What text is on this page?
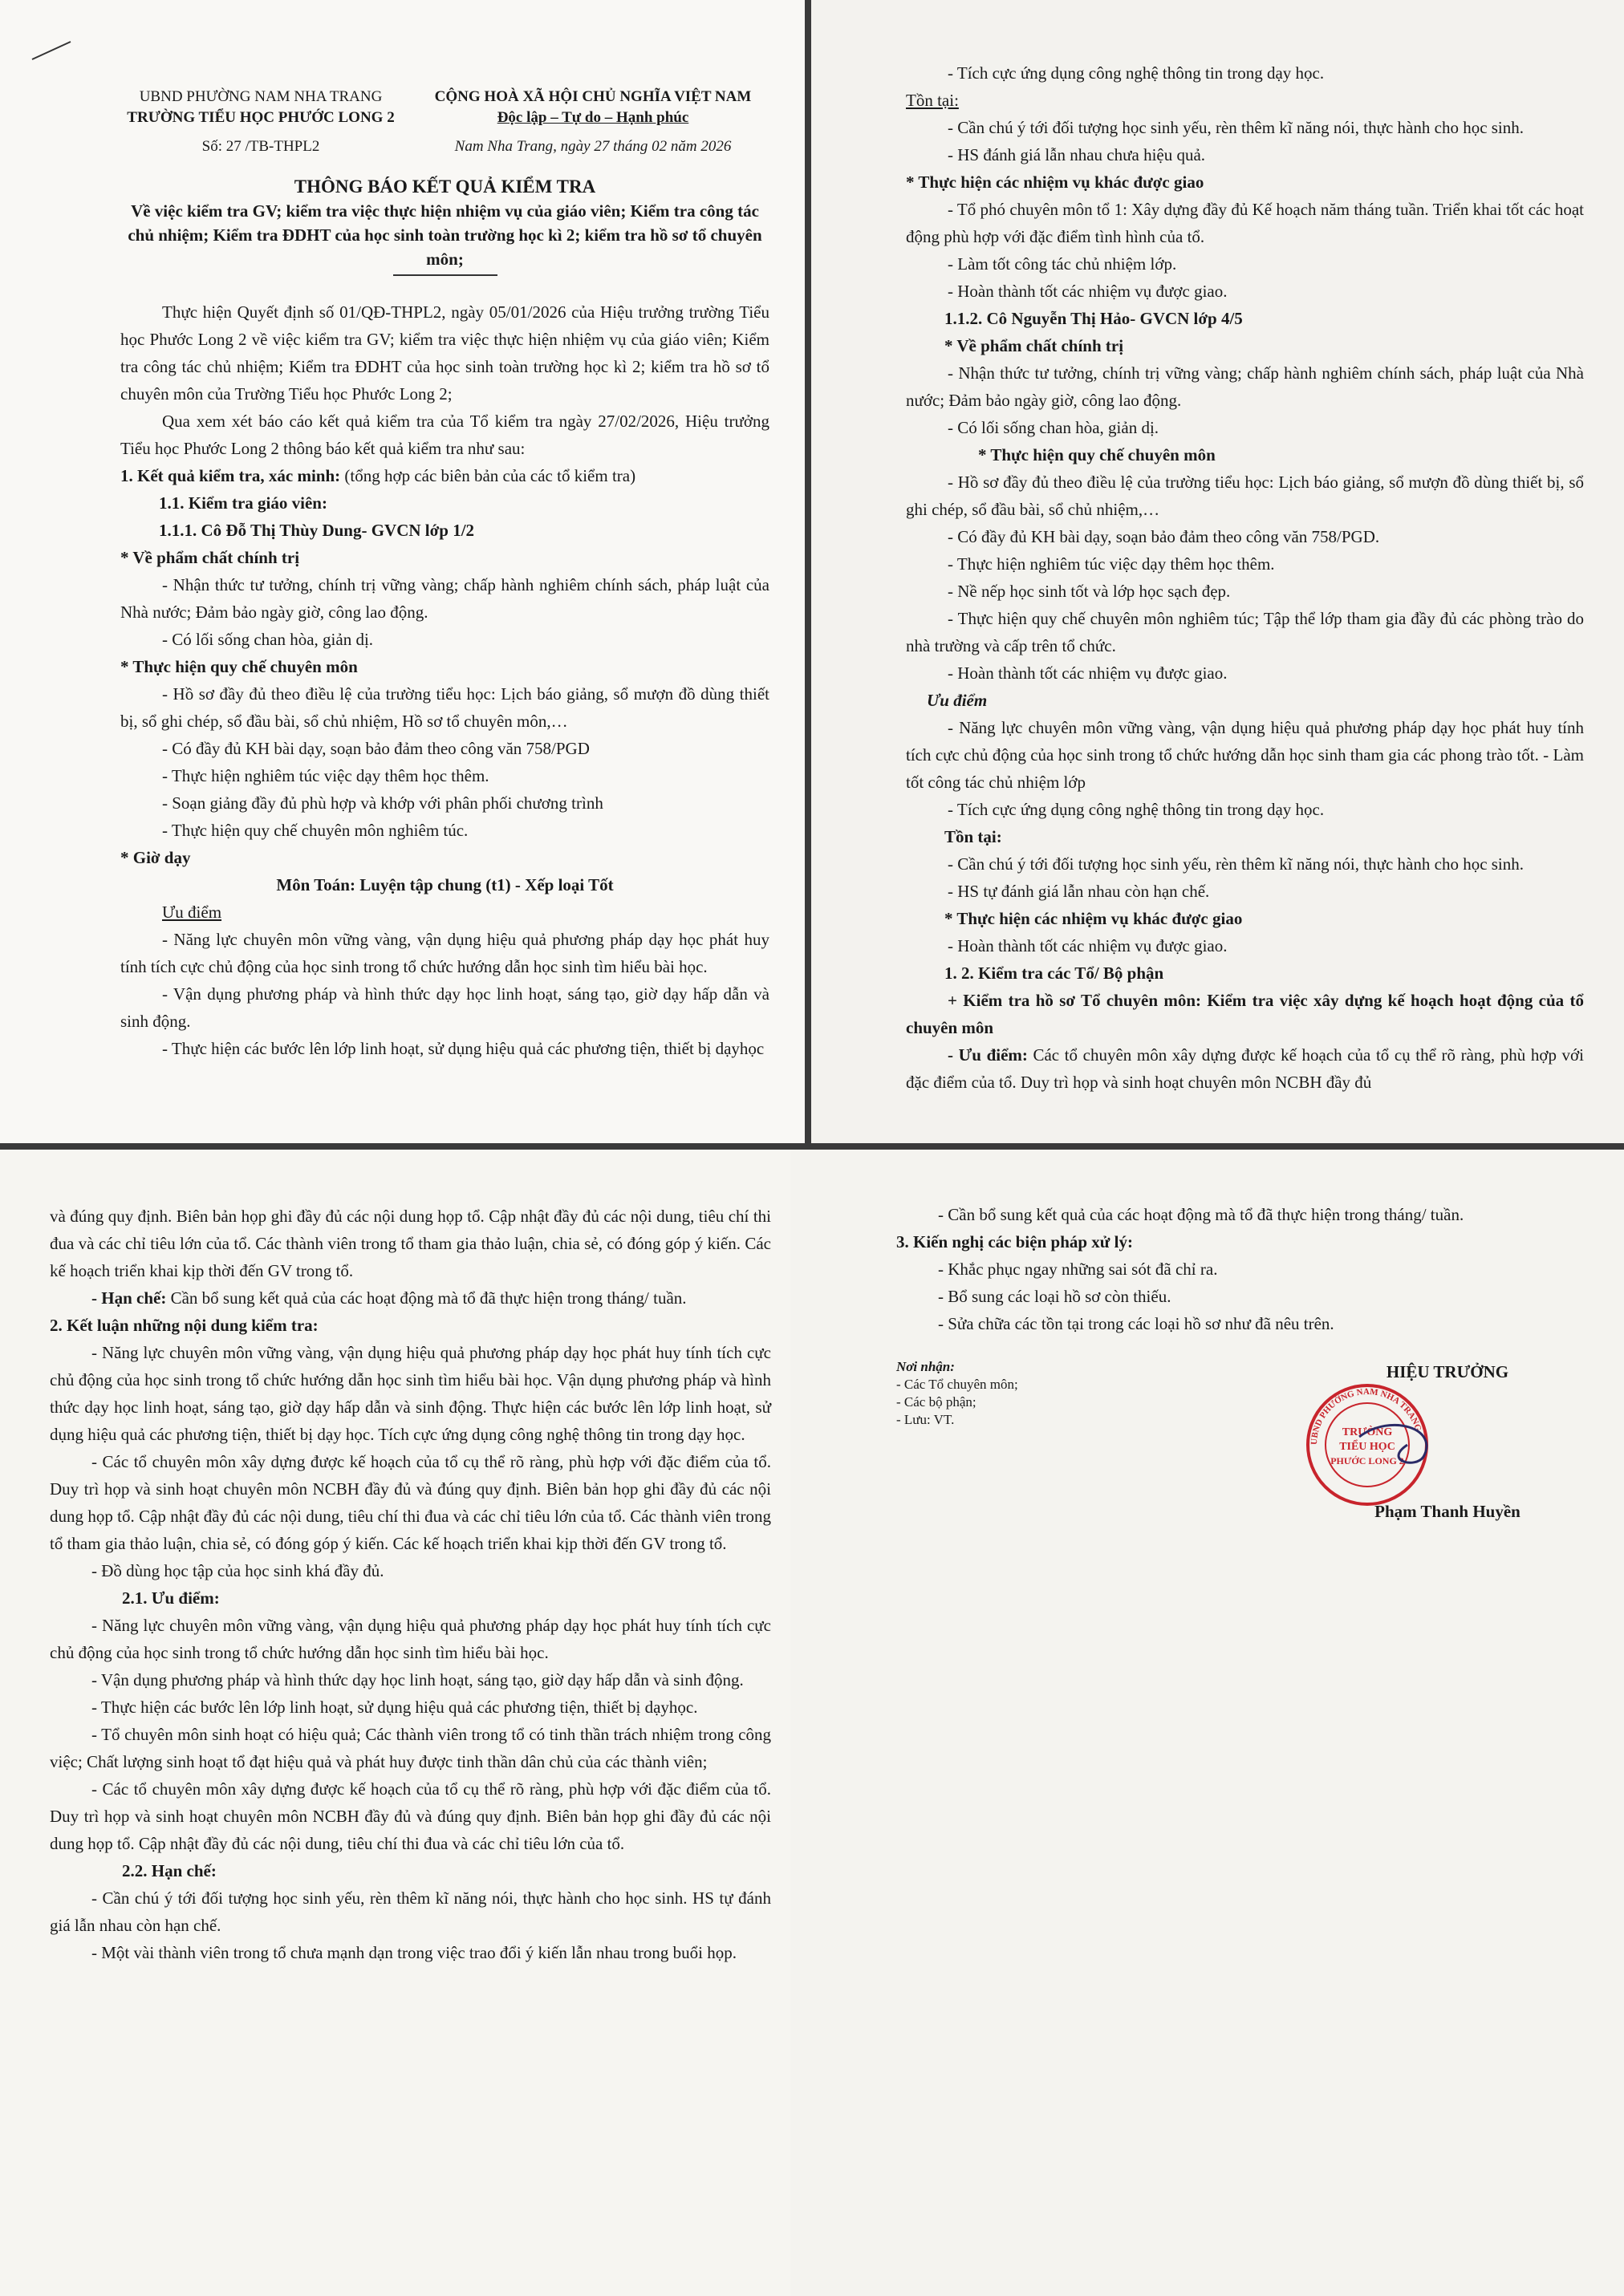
UBND PHƯỜNG NAM NHA TRANG

TRƯỜNG TIỂU HỌC PHƯỚC LONG 2

CỘNG HOÀ XÃ HỘI CHỦ NGHĨA VIỆT NAM

Độc lập – Tự do – Hạnh phúc

Số: 27 /TB-THPL2	Nam Nha Trang, ngày 27 tháng 02 năm 2026

THÔNG BÁO KẾT QUẢ KIỂM TRA

Về việc kiểm tra GV; kiểm tra việc thực hiện nhiệm vụ của giáo viên; Kiểm tra công tác chủ nhiệm; Kiểm tra ĐDHT của học sinh toàn trường học kì 2; kiểm tra hồ sơ tổ chuyên môn;

Thực hiện Quyết định số 01/QĐ-THPL2, ngày 05/01/2026 của Hiệu trưởng trường Tiểu học Phước Long 2 về việc kiểm tra GV; kiểm tra việc thực hiện nhiệm vụ của giáo viên; Kiểm tra công tác chủ nhiệm; Kiểm tra ĐDHT của học sinh toàn trường học kì 2; kiểm tra hồ sơ tổ chuyên môn của Trường Tiểu học Phước Long 2;

Qua xem xét báo cáo kết quả kiểm tra của Tổ kiểm tra ngày 27/02/2026, Hiệu trưởng Tiểu học Phước Long 2 thông báo kết quả kiểm tra như sau:

1. Kết quả kiểm tra, xác minh: (tổng hợp các biên bản của các tổ kiểm tra)

1.1. Kiểm tra giáo viên:

1.1.1. Cô Đỗ Thị Thùy Dung- GVCN lớp 1/2

* Về phẩm chất chính trị

- Nhận thức tư tưởng, chính trị vững vàng; chấp hành nghiêm chính sách, pháp luật của Nhà nước; Đảm bảo ngày giờ, công lao động.

- Có lối sống chan hòa, giản dị.

* Thực hiện quy chế chuyên môn

- Hồ sơ đầy đủ theo điều lệ của trường tiểu học: Lịch báo giảng, sổ mượn đồ dùng thiết bị, sổ ghi chép, sổ đầu bài, sổ chủ nhiệm, Hồ sơ tổ chuyên môn,…

- Có đầy đủ KH bài dạy, soạn bảo đảm theo công văn 758/PGD

- Thực hiện nghiêm túc việc dạy thêm học thêm.

- Soạn giảng đầy đủ phù hợp và khớp với phân phối chương trình

- Thực hiện quy chế chuyên môn nghiêm túc.

* Giờ dạy

Môn Toán: Luyện tập chung (t1) - Xếp loại Tốt

Ưu điểm

- Năng lực chuyên môn vững vàng, vận dụng hiệu quả phương pháp dạy học phát huy tính tích cực chủ động của học sinh trong tổ chức hướng dẫn học sinh tìm hiểu bài học.

- Vận dụng phương pháp và hình thức dạy học linh hoạt, sáng tạo, giờ dạy hấp dẫn và sinh động.

- Thực hiện các bước lên lớp linh hoạt, sử dụng hiệu quả các phương tiện, thiết bị dạyhọc

- Tích cực ứng dụng công nghệ thông tin trong dạy học.

Tồn tại:

- Cần chú ý tới đối tượng học sinh yếu, rèn thêm kĩ năng nói, thực hành cho học sinh.

- HS đánh giá lẫn nhau chưa hiệu quả.

* Thực hiện các nhiệm vụ khác được giao

- Tổ phó chuyên môn tổ 1: Xây dựng đầy đủ Kế hoạch năm tháng tuần. Triển khai tốt các hoạt động phù hợp với đặc điểm tình hình của tổ.

- Làm tốt công tác chủ nhiệm lớp.

- Hoàn thành tốt các nhiệm vụ được giao.

1.1.2. Cô Nguyễn Thị Hảo- GVCN lớp 4/5

* Về phẩm chất chính trị

- Nhận thức tư tưởng, chính trị vững vàng; chấp hành nghiêm chính sách, pháp luật của Nhà nước; Đảm bảo ngày giờ, công lao động.

- Có lối sống chan hòa, giản dị.

* Thực hiện quy chế chuyên môn

- Hồ sơ đầy đủ theo điều lệ của trường tiểu học: Lịch báo giảng, sổ mượn đồ dùng thiết bị, sổ ghi chép, sổ đầu bài, sổ chủ nhiệm,…

- Có đầy đủ KH bài dạy, soạn bảo đảm theo công văn 758/PGD.

- Thực hiện nghiêm túc việc dạy thêm học thêm.

- Nề nếp học sinh tốt và lớp học sạch đẹp.

- Thực hiện quy chế chuyên môn nghiêm túc; Tập thể lớp tham gia đầy đủ các phòng trào do nhà trường và cấp trên tổ chức.

- Hoàn thành tốt các nhiệm vụ được giao.

Ưu điểm

- Năng lực chuyên môn vững vàng, vận dụng hiệu quả phương pháp dạy học phát huy tính tích cực chủ động của học sinh trong tổ chức hướng dẫn học sinh tham gia các phong trào tốt. - Làm tốt công tác chủ nhiệm lớp

- Tích cực ứng dụng công nghệ thông tin trong dạy học.

Tồn tại:

- Cần chú ý tới đối tượng học sinh yếu, rèn thêm kĩ năng nói, thực hành cho học sinh.

- HS tự đánh giá lẫn nhau còn hạn chế.

* Thực hiện các nhiệm vụ khác được giao

- Hoàn thành tốt các nhiệm vụ được giao.

1. 2. Kiểm tra các Tổ/ Bộ phận

+ Kiểm tra hồ sơ Tổ chuyên môn: Kiểm tra việc xây dựng kế hoạch hoạt động của tổ chuyên môn

- Ưu điểm: Các tổ chuyên môn xây dựng được kế hoạch của tổ cụ thể rõ ràng, phù hợp với đặc điểm của tổ. Duy trì họp và sinh hoạt chuyên môn NCBH đầy đủ

và đúng quy định. Biên bản họp ghi đầy đủ các nội dung họp tổ. Cập nhật đầy đủ các nội dung, tiêu chí thi đua và các chỉ tiêu lớn của tổ. Các thành viên trong tổ tham gia thảo luận, chia sẻ, có đóng góp ý kiến. Các kế hoạch triển khai kịp thời đến GV trong tổ.

- Hạn chế: Cần bổ sung kết quả của các hoạt động mà tổ đã thực hiện trong tháng/ tuần.

2. Kết luận những nội dung kiểm tra:

- Năng lực chuyên môn vững vàng, vận dụng hiệu quả phương pháp dạy học phát huy tính tích cực chủ động của học sinh trong tổ chức hướng dẫn học sinh tìm hiểu bài học. Vận dụng phương pháp và hình thức dạy học linh hoạt, sáng tạo, giờ dạy hấp dẫn và sinh động. Thực hiện các bước lên lớp linh hoạt, sử dụng hiệu quả các phương tiện, thiết bị dạy học. Tích cực ứng dụng công nghệ thông tin trong dạy học.

- Các tổ chuyên môn xây dựng được kế hoạch của tổ cụ thể rõ ràng, phù hợp với đặc điểm của tổ. Duy trì họp và sinh hoạt chuyên môn NCBH đầy đủ và đúng quy định. Biên bản họp ghi đầy đủ các nội dung họp tổ. Cập nhật đầy đủ các nội dung, tiêu chí thi đua và các chỉ tiêu lớn của tổ. Các thành viên trong tổ tham gia thảo luận, chia sẻ, có đóng góp ý kiến. Các kế hoạch triển khai kịp thời đến GV trong tổ.

- Đồ dùng học tập của học sinh khá đầy đủ.

2.1. Ưu điểm:

- Năng lực chuyên môn vững vàng, vận dụng hiệu quả phương pháp dạy học phát huy tính tích cực chủ động của học sinh trong tổ chức hướng dẫn học sinh tìm hiểu bài học.

- Vận dụng phương pháp và hình thức dạy học linh hoạt, sáng tạo, giờ dạy hấp dẫn và sinh động.

- Thực hiện các bước lên lớp linh hoạt, sử dụng hiệu quả các phương tiện, thiết bị dạyhọc.

- Tổ chuyên môn sinh hoạt có hiệu quả; Các thành viên trong tổ có tinh thần trách nhiệm trong công việc; Chất lượng sinh hoạt tổ đạt hiệu quả và phát huy được tinh thần dân chủ của các thành viên;

- Các tổ chuyên môn xây dựng được kế hoạch của tổ cụ thể rõ ràng, phù hợp với đặc điểm của tổ. Duy trì họp và sinh hoạt chuyên môn NCBH đầy đủ và đúng quy định. Biên bản họp ghi đầy đủ các nội dung họp tổ. Cập nhật đầy đủ các nội dung, tiêu chí thi đua và các chỉ tiêu lớn của tổ.

2.2. Hạn chế:

- Cần chú ý tới đối tượng học sinh yếu, rèn thêm kĩ năng nói, thực hành cho học sinh. HS tự đánh giá lẫn nhau còn hạn chế.

- Một vài thành viên trong tổ chưa mạnh dạn trong việc trao đổi ý kiến lẫn nhau trong buổi họp.

- Cần bổ sung kết quả của các hoạt động mà tổ đã thực hiện trong tháng/ tuần.

3. Kiến nghị các biện pháp xử lý:

- Khắc phục ngay những sai sót đã chỉ ra.

- Bổ sung các loại hồ sơ còn thiếu.

- Sửa chữa các tồn tại trong các loại hồ sơ như đã nêu trên.

Nơi nhận:

- Các Tổ chuyên môn;

- Các bộ phận;

- Lưu: VT.

HIỆU TRƯỞNG

UBND PHƯỜNG NAM NHA TRANG
TRƯỜNG
TIỂU HỌC
PHƯỚC LONG 2

Phạm Thanh Huyền
